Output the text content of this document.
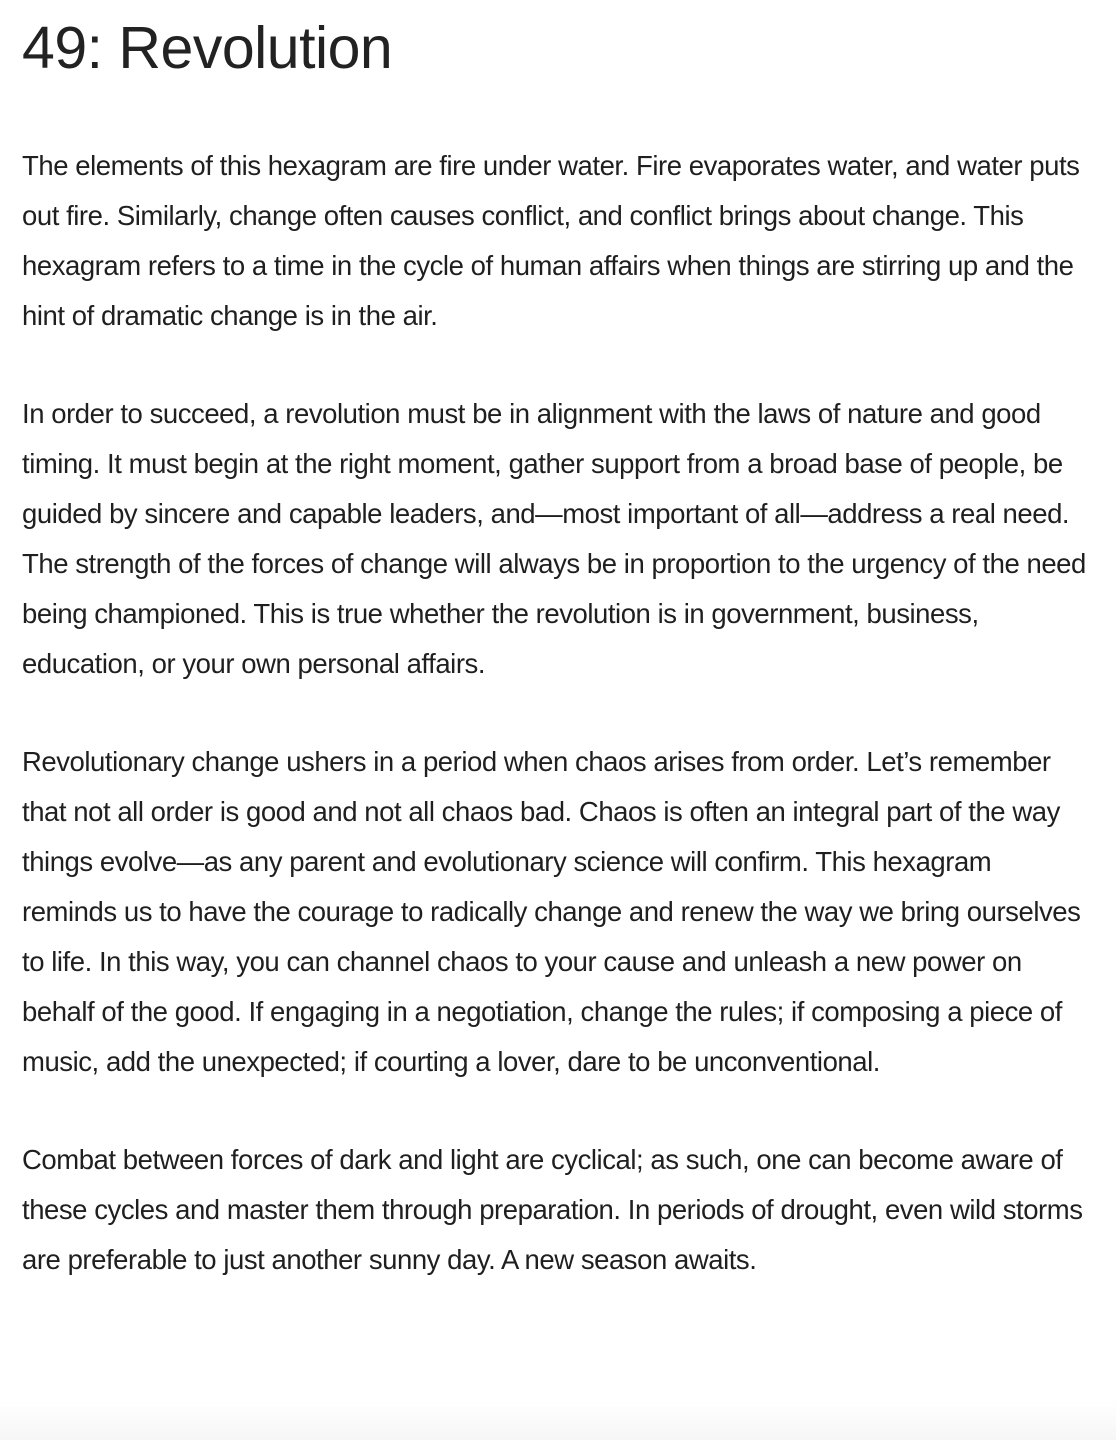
49: Revolution

The elements of this hexagram are fire under water. Fire evaporates water, and water puts out fire. Similarly, change often causes conflict, and conflict brings about change. This hexagram refers to a time in the cycle of human affairs when things are stirring up and the hint of dramatic change is in the air.

In order to succeed, a revolution must be in alignment with the laws of nature and good timing. It must begin at the right moment, gather support from a broad base of people, be guided by sincere and capable leaders, and—most important of all—address a real need. The strength of the forces of change will always be in proportion to the urgency of the need being championed. This is true whether the revolution is in government, business, education, or your own personal affairs.

Revolutionary change ushers in a period when chaos arises from order. Let’s remember that not all order is good and not all chaos bad. Chaos is often an integral part of the way things evolve—as any parent and evolutionary science will confirm. This hexagram reminds us to have the courage to radically change and renew the way we bring ourselves to life. In this way, you can channel chaos to your cause and unleash a new power on behalf of the good. If engaging in a negotiation, change the rules; if composing a piece of music, add the unexpected; if courting a lover, dare to be unconventional.

Combat between forces of dark and light are cyclical; as such, one can become aware of these cycles and master them through preparation. In periods of drought, even wild storms are preferable to just another sunny day. A new season awaits.
